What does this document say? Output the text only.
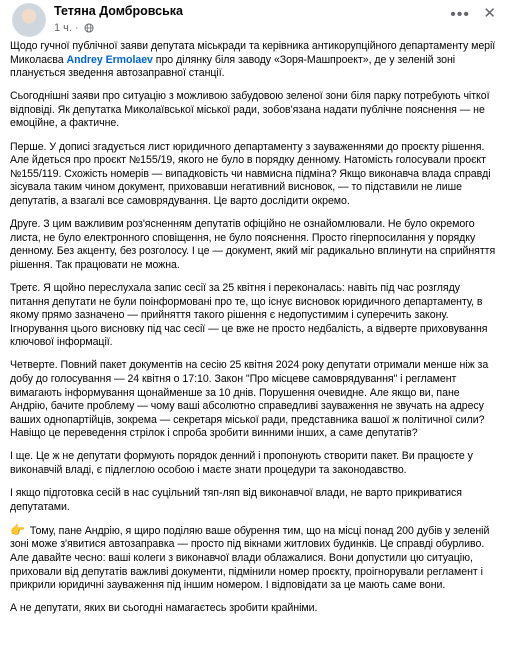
Тетяна Домбровська
1 ч. ·
••• ✕

Щодо гучної публічної заяви депутата міськради та керівника антикорупційного департаменту мерії Миколаєва Andrey Ermolaev про ділянку біля заводу «Зоря-Машпроект», де у зеленій зоні планується зведення автозаправної станції.

Сьогоднішні заяви про ситуацію з можливою забудовою зеленої зони біля парку потребують чіткої відповіді. Як депутатка Миколаївської міської ради, зобов'язана надати публічне пояснення — не емоційне, а фактичне.

Перше. У дописі згадується лист юридичного департаменту з зауваженнями до проєкту рішення. Але йдеться про проєкт №155/19, якого не було в порядку денному. Натомість голосували проєкт №155/119. Схожість номерів — випадковість чи навмисна підміна? Якщо виконавча влада справді зісувала таким чином документ, приховавши негативний висновок, — то підставили не лише депутатів, а взагалі все самоврядування. Це варто дослідити окремо.

Друге. З цим важливим роз'ясненням депутатів офіційно не ознайомлювали. Не було окремого листа, не було електронного сповіщення, не було пояснення. Просто гіперпосилання у порядку денному. Без акценту, без розголосу. І це — документ, який міг радикально вплинути на сприйняття рішення. Так працювати не можна.

Третє. Я щойно переслухала запис сесії за 25 квітня і переконалась: навіть під час розгляду питання депутати не були поінформовані про те, що існує висновок юридичного департаменту, в якому прямо зазначено — прийняття такого рішення є недопустимим і суперечить закону. Ігнорування цього висновку під час сесії — це вже не просто недбалість, а відверте приховування ключової інформації.

Четверте. Повний пакет документів на сесію 25 квітня 2024 року депутати отримали менше ніж за добу до голосування — 24 квітня о 17:10. Закон "Про місцеве самоврядування" і регламент вимагають інформування щонайменше за 10 днів. Порушення очевидне. Але якщо ви, пане Андрію, бачите проблему — чому ваші абсолютно справедливі зауваження не звучать на адресу ваших однопартійців, зокрема — секретаря міської ради, представника вашої ж політичної сили? Навіщо це переведення стрілок і спроба зробити винними інших, а саме депутатів?

І ще. Це ж не депутати формують порядок денний і пропонують створити пакет. Ви працюєте у виконавчій владі, є підлеглою особою і маєте знати процедури та законодавство.

І якщо підготовка сесій в нас суцільний тяп-ляп від виконавчої влади, не варто прикриватися депутатами.

👉 Тому, пане Андрію, я щиро поділяю ваше обурення тим, що на місці понад 200 дубів у зеленій зоні може з'явитися автозаправка — просто під вікнами житлових будинків. Це справді обурливо. Але давайте чесно: ваші колеги з виконавчої влади облажалися. Вони допустили цю ситуацію, приховали від депутатів важливі документи, підмінили номер проєкту, проігнорували регламент і прикрили юридичні зауваження під іншим номером. І відповідати за це мають саме вони.

А не депутати, яких ви сьогодні намагаєтесь зробити крайніми.
